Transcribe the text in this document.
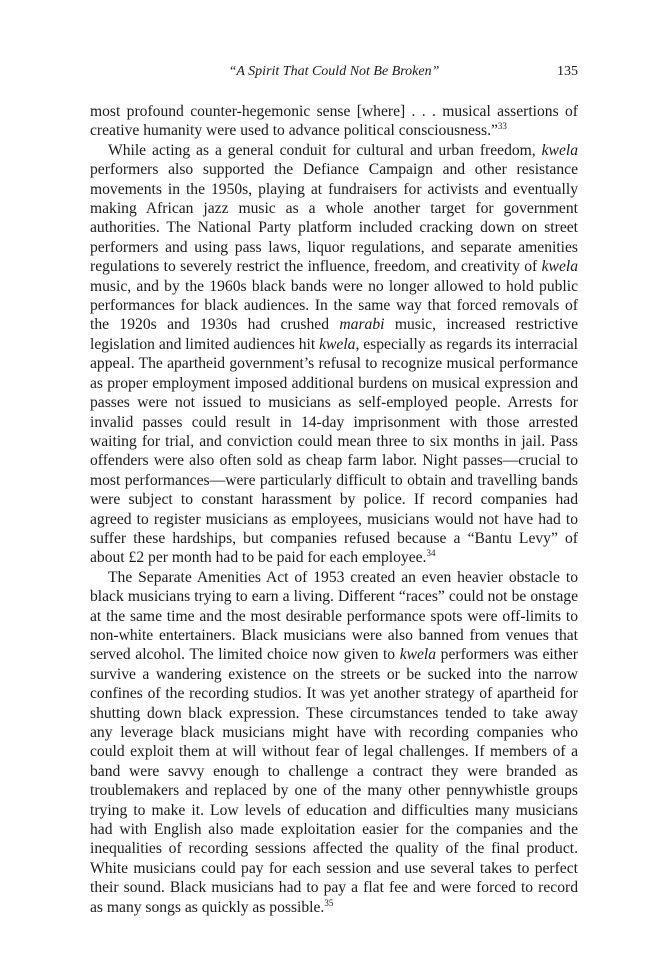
“A Spirit That Could Not Be Broken”	135

most profound counter-hegemonic sense [where] . . . musical assertions of creative humanity were used to advance political consciousness.”$^{33}$

While acting as a general conduit for cultural and urban freedom, kwela performers also supported the Defiance Campaign and other resistance movements in the 1950s, playing at fundraisers for activists and eventually making African jazz music as a whole another target for government authorities. The National Party platform included cracking down on street performers and using pass laws, liquor regulations, and separate amenities regulations to severely restrict the influence, freedom, and creativity of kwela music, and by the 1960s black bands were no longer allowed to hold public performances for black audiences. In the same way that forced removals of the 1920s and 1930s had crushed marabi music, increased restrictive legislation and limited audiences hit kwela, especially as regards its interracial appeal. The apartheid government’s refusal to recognize musical performance as proper employment imposed additional burdens on musical expression and passes were not issued to musicians as self-employed people. Arrests for invalid passes could result in 14-day imprisonment with those arrested waiting for trial, and conviction could mean three to six months in jail. Pass offenders were also often sold as cheap farm labor. Night passes—crucial to most performances—were particularly difficult to obtain and travelling bands were subject to constant harassment by police. If record companies had agreed to register musicians as employees, musicians would not have had to suffer these hardships, but companies refused because a “Bantu Levy” of about £2 per month had to be paid for each employee.$^{34}$

The Separate Amenities Act of 1953 created an even heavier obstacle to black musicians trying to earn a living. Different “races” could not be onstage at the same time and the most desirable performance spots were off-limits to non-white entertainers. Black musicians were also banned from venues that served alcohol. The limited choice now given to kwela performers was either survive a wandering existence on the streets or be sucked into the narrow confines of the recording studios. It was yet another strategy of apartheid for shutting down black expression. These circumstances tended to take away any leverage black musicians might have with recording companies who could exploit them at will without fear of legal challenges. If members of a band were savvy enough to challenge a contract they were branded as troublemakers and replaced by one of the many other pennywhistle groups trying to make it. Low levels of education and difficulties many musicians had with English also made exploitation easier for the companies and the inequalities of recording sessions affected the quality of the final product. White musicians could pay for each session and use several takes to perfect their sound. Black musicians had to pay a flat fee and were forced to record as many songs as quickly as possible.$^{35}$
